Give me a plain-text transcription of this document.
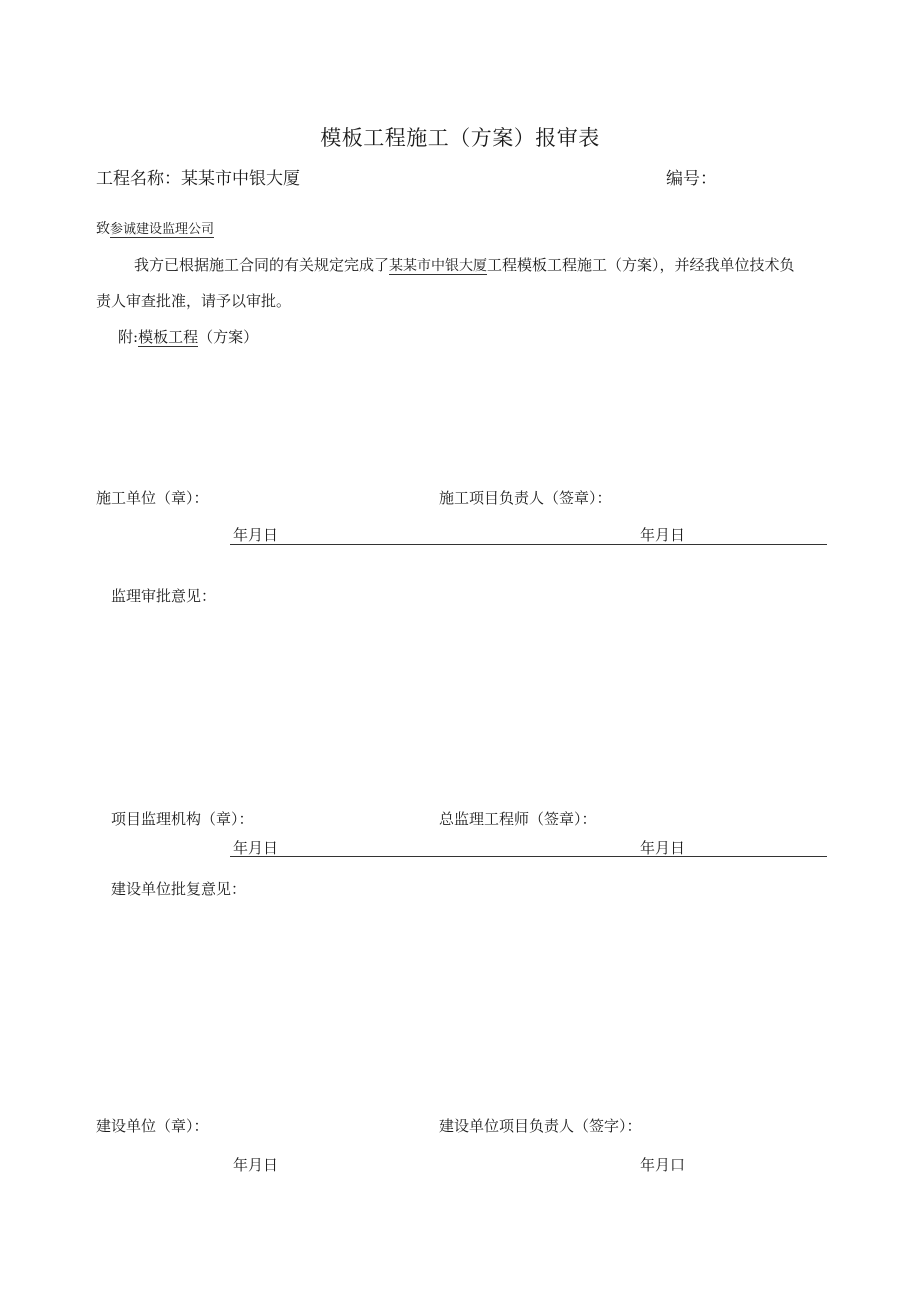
模板工程施工（方案）报审表
工程名称：某某市中银大厦	编号：
致参诚建设监理公司
我方已根据施工合同的有关规定完成了某某市中银大厦工程模板工程施工（方案），并经我单位技术负
责人审查批准，请予以审批。
附:模板工程（方案）
施工单位（章）：	施工项目负责人（签章）：
年月日	年月日
监理审批意见：
项目监理机构（章）：	总监理工程师（签章）：
年月日	年月日
建设单位批复意见：
建设单位（章）：	建设单位项目负责人（签字）：
年月日	年月口
